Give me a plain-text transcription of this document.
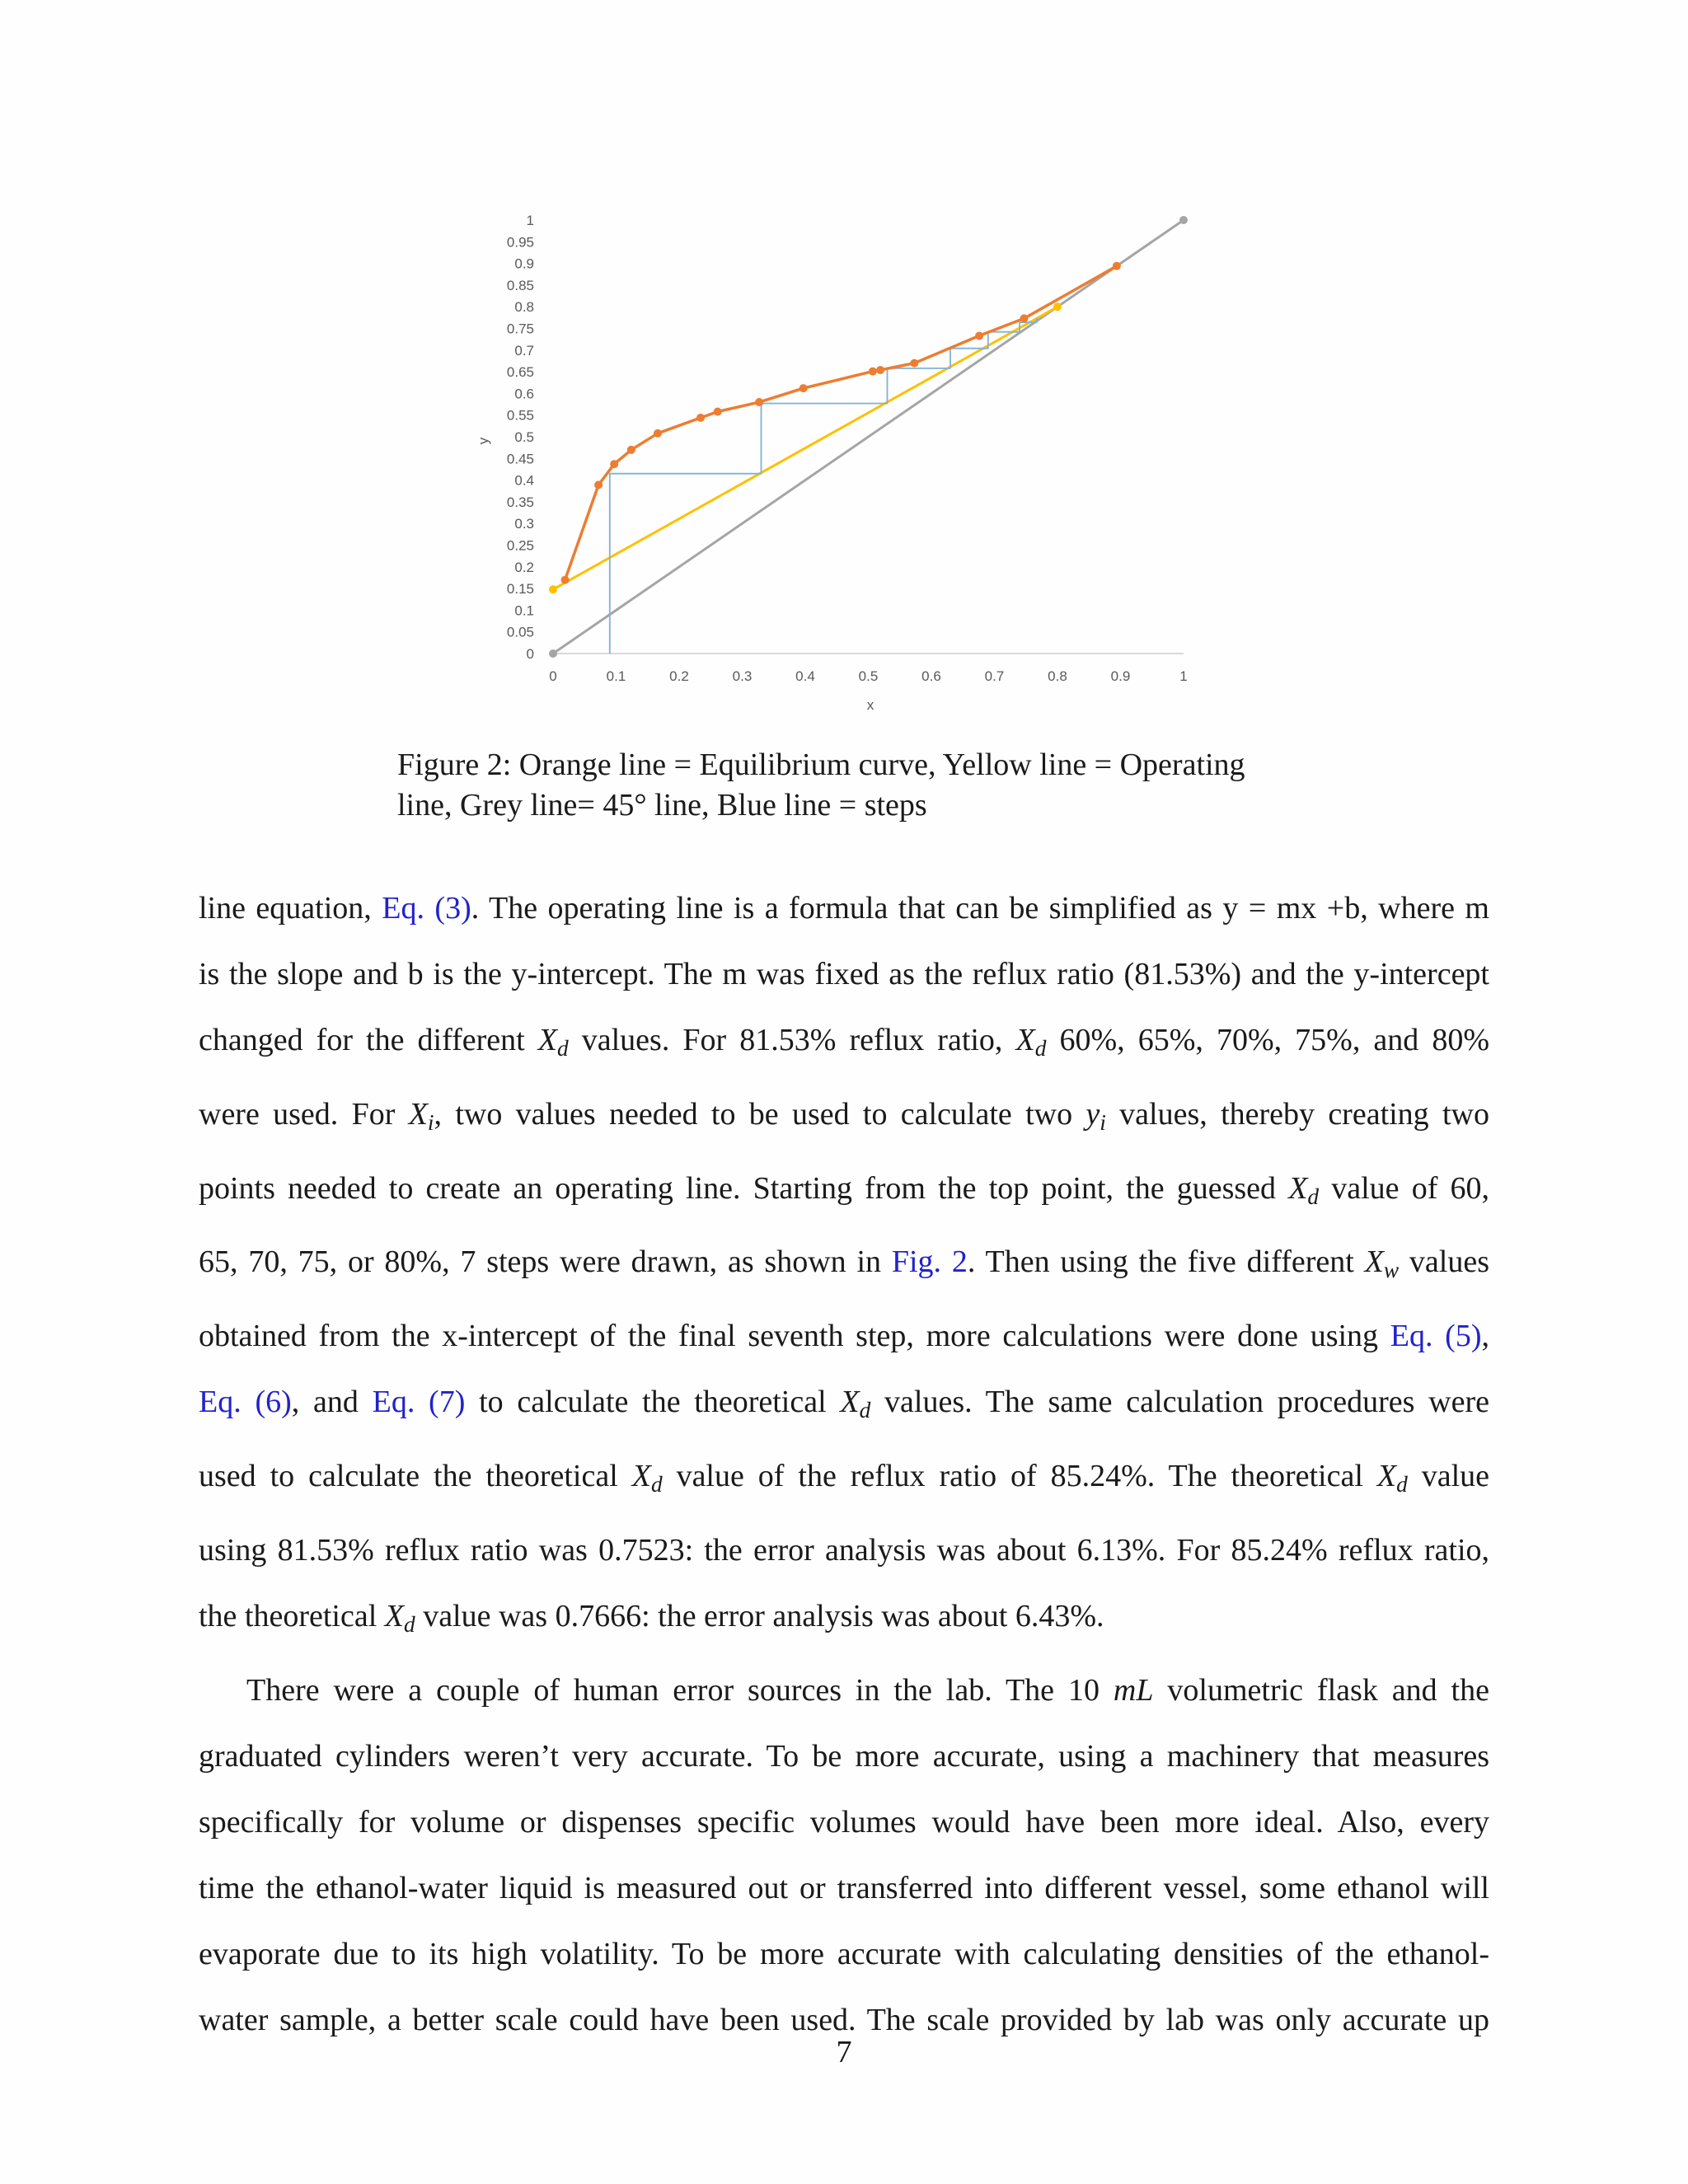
0
0.05
0.1
0.15
0.2
0.25
0.3
0.35
0.4
0.45
0.5
0.55
0.6
0.65
0.7
0.75
0.8
0.85
0.9
0.95
1
0	0.1	0.2	0.3	0.4	0.5	0.6	0.7	0.8	0.9	1
y
x
Figure 2: Orange line = Equilibrium curve, Yellow line = Operating
line, Grey line= 45° line, Blue line = steps

line equation, Eq. (3). The operating line is a formula that can be simplified as y = mx +b, where m

is the slope and b is the y-intercept. The m was fixed as the reflux ratio (81.53%) and the y-intercept

changed for the different $X_d$ values. For 81.53% reflux ratio, $X_d$ 60%, 65%, 70%, 75%, and 80%

were used. For $X_i$, two values needed to be used to calculate two $y_i$ values, thereby creating two

points needed to create an operating line. Starting from the top point, the guessed $X_d$ value of 60,

65, 70, 75, or 80%, 7 steps were drawn, as shown in Fig. 2. Then using the five different $X_w$ values

obtained from the x-intercept of the final seventh step, more calculations were done using Eq. (5),

Eq. (6), and Eq. (7) to calculate the theoretical $X_d$ values. The same calculation procedures were

used to calculate the theoretical $X_d$ value of the reflux ratio of 85.24%. The theoretical $X_d$ value

using 81.53% reflux ratio was 0.7523: the error analysis was about 6.13%. For 85.24% reflux ratio,

the theoretical $X_d$ value was 0.7666: the error analysis was about 6.43%.

There were a couple of human error sources in the lab. The 10 mL volumetric flask and the

graduated cylinders weren’t very accurate. To be more accurate, using a machinery that measures

specifically for volume or dispenses specific volumes would have been more ideal. Also, every

time the ethanol-water liquid is measured out or transferred into different vessel, some ethanol will

evaporate due to its high volatility. To be more accurate with calculating densities of the ethanol-

water sample, a better scale could have been used. The scale provided by lab was only accurate up

7
